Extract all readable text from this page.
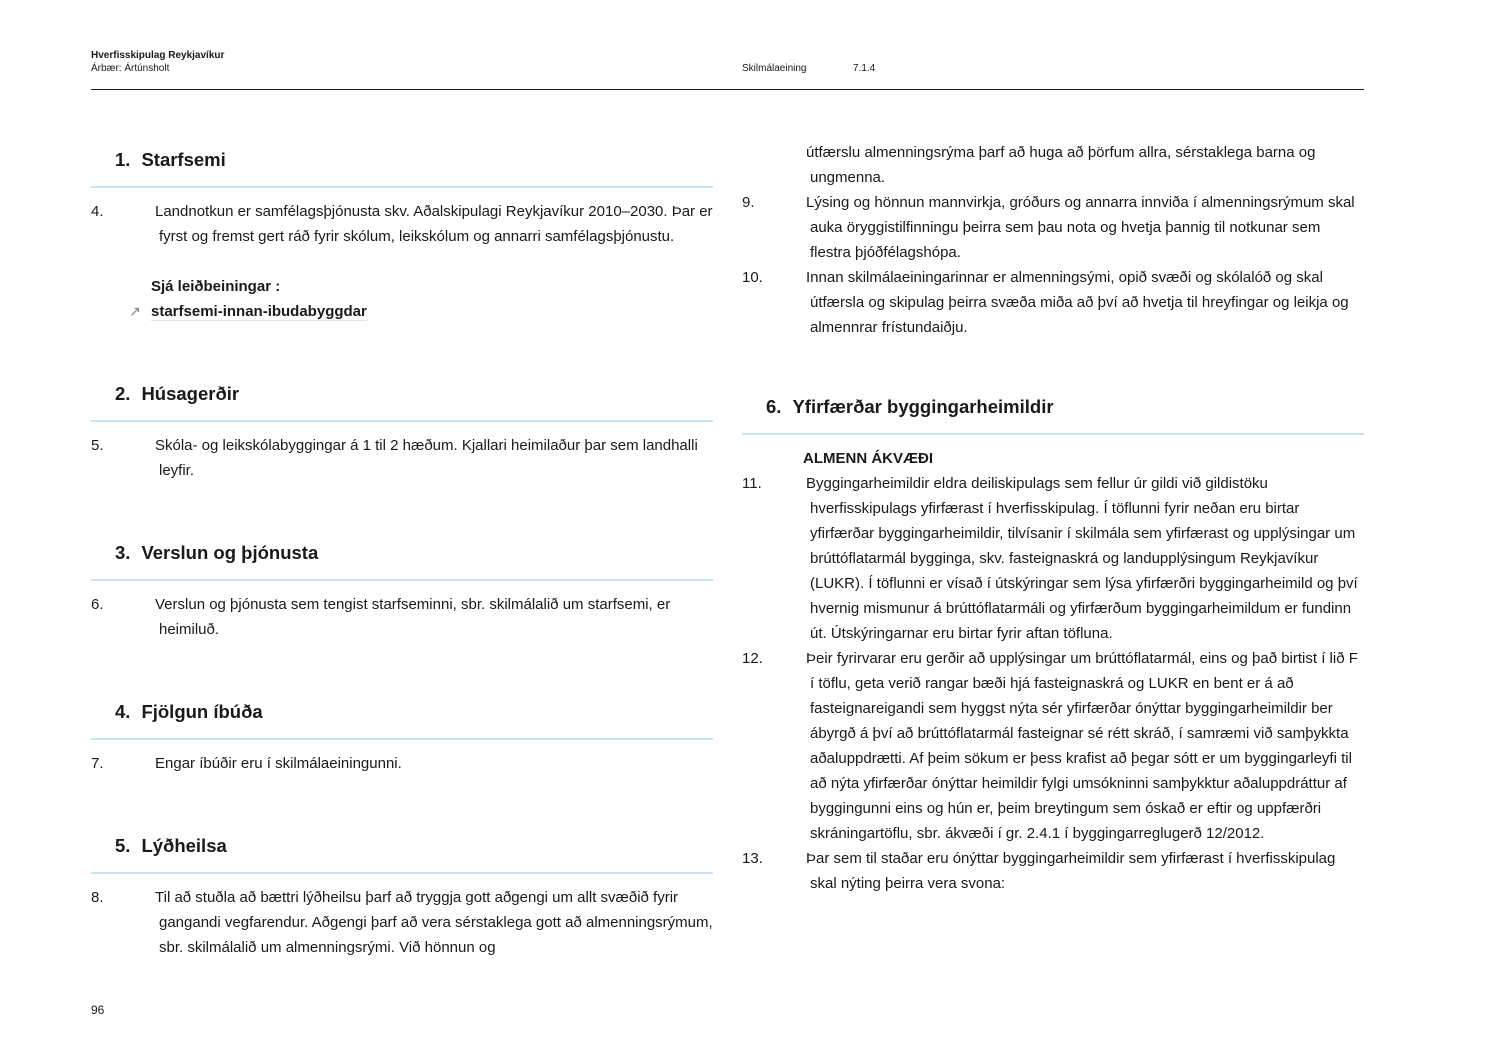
Hverfisskipulag Reykjavíkur
Árbær: Ártúnsholt	Skilmálaeining	7.1.4
1. Starfsemi
4.	Landnotkun er samfélagsþjónusta skv. Aðalskipulagi Reykjavíkur 2010–2030. Þar er fyrst og fremst gert ráð fyrir skólum, leikskólum og annarri samfélagsþjónustu.
Sjá leiðbeiningar :
↗ starfsemi-innan-ibudabyggdar
2. Húsagerðir
5.	Skóla- og leikskólabyggingar á 1 til 2 hæðum. Kjallari heimilaður þar sem landhalli leyfir.
3. Verslun og þjónusta
6.	Verslun og þjónusta sem tengist starfseminni, sbr. skilmálalið um starfsemi, er heimiluð.
4. Fjölgun íbúða
7.	Engar íbúðir eru í skilmálaeiningunni.
5. Lýðheilsa
8.	Til að stuðla að bættri lýðheilsu þarf að tryggja gott aðgengi um allt svæðið fyrir gangandi vegfarendur. Aðgengi þarf að vera sérstaklega gott að almenningsrýmum, sbr. skilmálalið um almenningsrými. Við hönnun og
útfærslu almenningsrýma þarf að huga að þörfum allra, sérstaklega barna og ungmenna.
9.	Lýsing og hönnun mannvirkja, gróðurs og annarra innviða í almenningsrýmum skal auka öryggistilfinningu þeirra sem þau nota og hvetja þannig til notkunar sem flestra þjóðfélagshópa.
10.	Innan skilmálaeiningarinnar er almenningsými, opið svæði og skólalóð og skal útfærsla og skipulag þeirra svæða miða að því að hvetja til hreyfingar og leikja og almennrar frístundaiðju.
6. Yfirfærðar byggingarheimildir
ALMENN ÁKVÆÐI
11.	Byggingarheimildir eldra deiliskipulags sem fellur úr gildi við gildistöku hverfisskipulags yfirfærast í hverfisskipulag. Í töflunni fyrir neðan eru birtar yfirfærðar byggingarheimildir, tilvísanir í skilmála sem yfirfærast og upplýsingar um brúttóflatarmál bygginga, skv. fasteignaskrá og landupplýsingum Reykjavíkur (LUKR). Í töflunni er vísað í útskýringar sem lýsa yfirfærðri byggingarheimild og því hvernig mismunur á brúttóflatarmáli og yfirfærðum byggingarheimildum er fundinn út. Útskýringarnar eru birtar fyrir aftan töfluna.
12.	Þeir fyrirvarar eru gerðir að upplýsingar um brúttóflatarmál, eins og það birtist í lið F í töflu, geta verið rangar bæði hjá fasteignaskrá og LUKR en bent er á að fasteignareigandi sem hyggst nýta sér yfirfærðar ónýttar byggingarheimildir ber ábyrgð á því að brúttóflatarmál fasteignar sé rétt skráð, í samræmi við samþykkta aðaluppdrætti. Af þeim sökum er þess krafist að þegar sótt er um byggingarleyfi til að nýta yfirfærðar ónýttar heimildir fylgi umsókninni samþykktur aðaluppdráttur af byggingunni eins og hún er, þeim breytingum sem óskað er eftir og uppfærðri skráningartöflu, sbr. ákvæði í gr. 2.4.1 í byggingarreglugerð 12/2012.
13.	Þar sem til staðar eru ónýttar byggingarheimildir sem yfirfærast í hverfisskipulag skal nýting þeirra vera svona:
96
